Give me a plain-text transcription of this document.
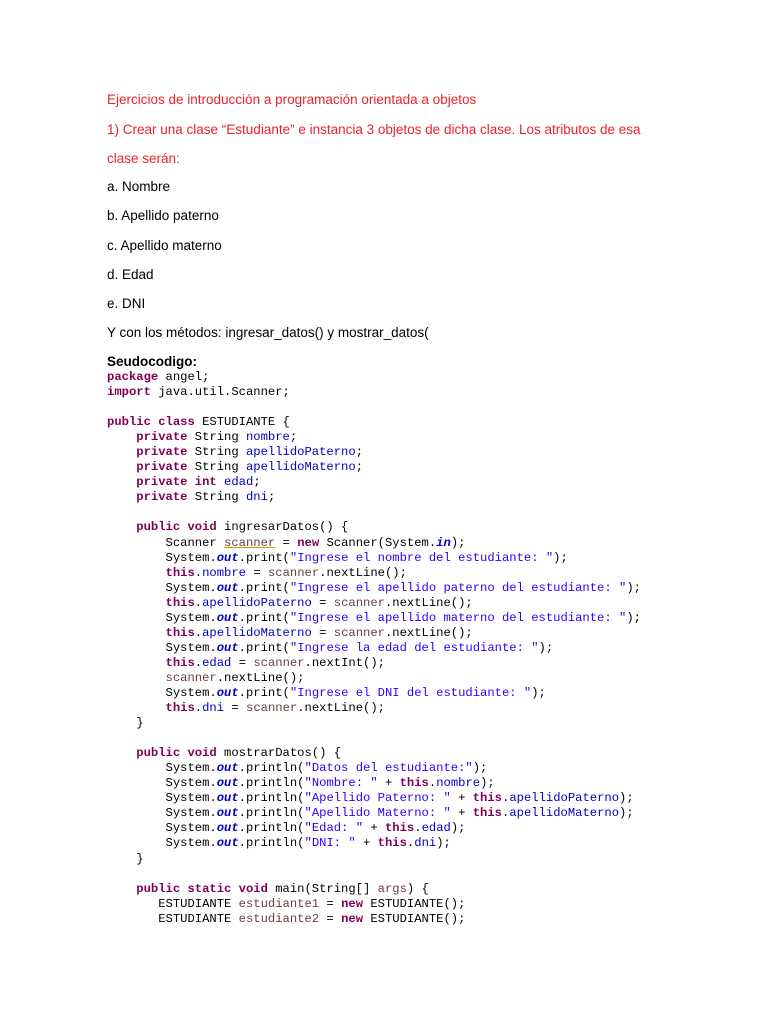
Ejercicios de introducción a programación orientada a objetos
1) Crear una clase “Estudiante” e instancia 3 objetos de dicha clase. Los atributos de esa
clase serán:
a. Nombre
b. Apellido paterno
c. Apellido materno
d. Edad
e. DNI
Y con los métodos: ingresar_datos() y mostrar_datos(
Seudocodigo:
package angel;
import java.util.Scanner;

public class ESTUDIANTE {
private String nombre;
private String apellidoPaterno;
private String apellidoMaterno;
private int edad;
private String dni;

public void ingresarDatos() {
Scanner scanner = new Scanner(System.in);
System.out.print("Ingrese el nombre del estudiante: ");
this.nombre = scanner.nextLine();
System.out.print("Ingrese el apellido paterno del estudiante: ");
this.apellidoPaterno = scanner.nextLine();
System.out.print("Ingrese el apellido materno del estudiante: ");
this.apellidoMaterno = scanner.nextLine();
System.out.print("Ingrese la edad del estudiante: ");
this.edad = scanner.nextInt();
scanner.nextLine();
System.out.print("Ingrese el DNI del estudiante: ");
this.dni = scanner.nextLine();
}

public void mostrarDatos() {
System.out.println("Datos del estudiante:");
System.out.println("Nombre: " + this.nombre);
System.out.println("Apellido Paterno: " + this.apellidoPaterno);
System.out.println("Apellido Materno: " + this.apellidoMaterno);
System.out.println("Edad: " + this.edad);
System.out.println("DNI: " + this.dni);
}

public static void main(String[] args) {
ESTUDIANTE estudiante1 = new ESTUDIANTE();
ESTUDIANTE estudiante2 = new ESTUDIANTE();
